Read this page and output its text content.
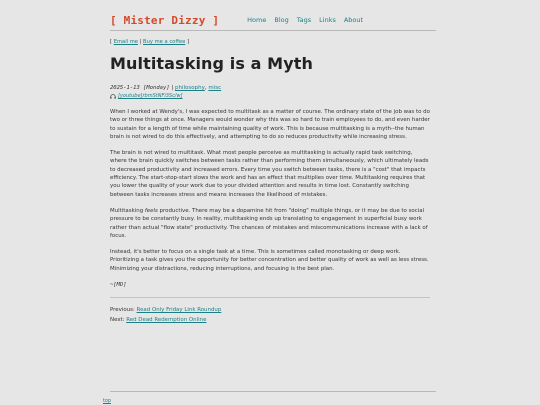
[ Mister Dizzy ]	Home Blog Tags Links About
[ Email me | Buy me a coffee ]
Multitasking is a Myth
2025-1-13 [Monday] | philosophy, misc
[youtube]rbmStNFi3Sc/w]

When I worked at Wendy's, I was expected to multitask as a matter of course. The ordinary state of the job was to do two or three things at once. Managers would wonder why this was so hard to train employees to do, and even harder to sustain for a length of time while maintaining quality of work. This is because multitasking is a myth--the human brain is not wired to do this effectively, and attempting to do so reduces productivity while increasing stress.

The brain is not wired to multitask. What most people perceive as multitasking is actually rapid task switching, where the brain quickly switches between tasks rather than performing them simultaneously, which ultimately leads to decreased productivity and increased errors. Every time you switch between tasks, there is a "cost" that impacts efficiency. The start-stop-start slows the work and has an effect that multiplies over time. Multitasking requires that you lower the quality of your work due to your divided attention and results in time lost. Constantly switching between tasks increases stress and means increases the likelihood of mistakes.

Multitasking feels productive. There may be a dopamine hit from "doing" multiple things, or it may be due to social pressure to be constantly busy. In reality, multitasking ends up translating to engagement in superficial busy work rather than actual "flow state" productivity. The chances of mistakes and miscommunications increase with a lack of focus.

Instead, it's better to focus on a single task at a time. This is sometimes called monotasking or deep work. Prioritizing a task gives you the opportunity for better concentration and better quality of work as well as less stress. Minimizing your distractions, reducing interruptions, and focusing is the best plan.

~[MD]

Previous: Read Only Friday Link Roundup

Next: Red Dead Redemption Online

top
